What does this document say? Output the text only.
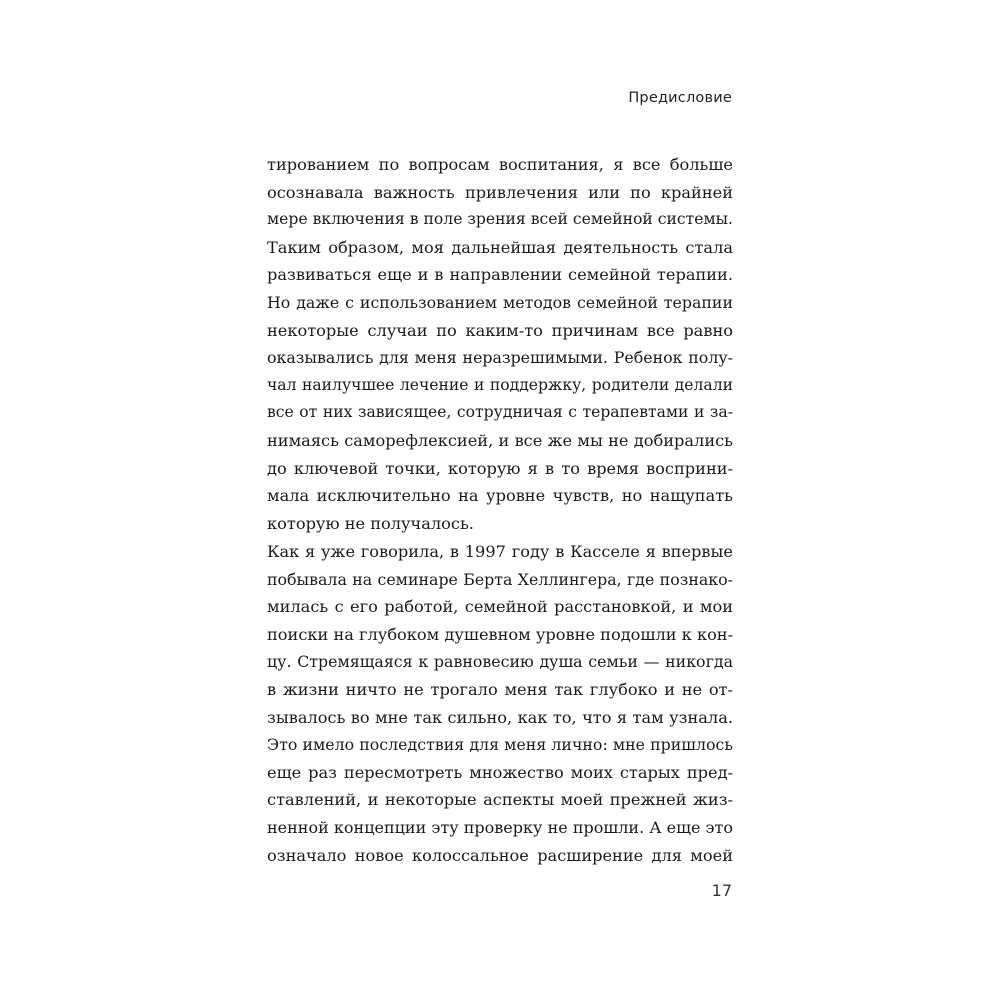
Предисловие
тированием по вопросам воспитания, я все больше
осознавала важность привлечения или по крайней
мере включения в поле зрения всей семейной системы.
Таким образом, моя дальнейшая деятельность стала
развиваться еще и в направлении семейной терапии.
Но даже с использованием методов семейной терапии
некоторые случаи по каким-то причинам все равно
оказывались для меня неразрешимыми. Ребенок полу-
чал наилучшее лечение и поддержку, родители делали
все от них зависящее, сотрудничая с терапевтами и за-
нимаясь саморефлексией, и все же мы не добирались
до ключевой точки, которую я в то время восприни-
мала исключительно на уровне чувств, но нащупать
которую не получалось.
Как я уже говорила, в 1997 году в Касселе я впервые
побывала на семинаре Берта Хеллингера, где познако-
милась с его работой, семейной расстановкой, и мои
поиски на глубоком душевном уровне подошли к кон-
цу. Стремящаяся к равновесию душа семьи — никогда
в жизни ничто не трогало меня так глубоко и не от-
зывалось во мне так сильно, как то, что я там узнала.
Это имело последствия для меня лично: мне пришлось
еще раз пересмотреть множество моих старых пред-
ставлений, и некоторые аспекты моей прежней жиз-
ненной концепции эту проверку не прошли. А еще это
означало новое колоссальное расширение для моей
17
